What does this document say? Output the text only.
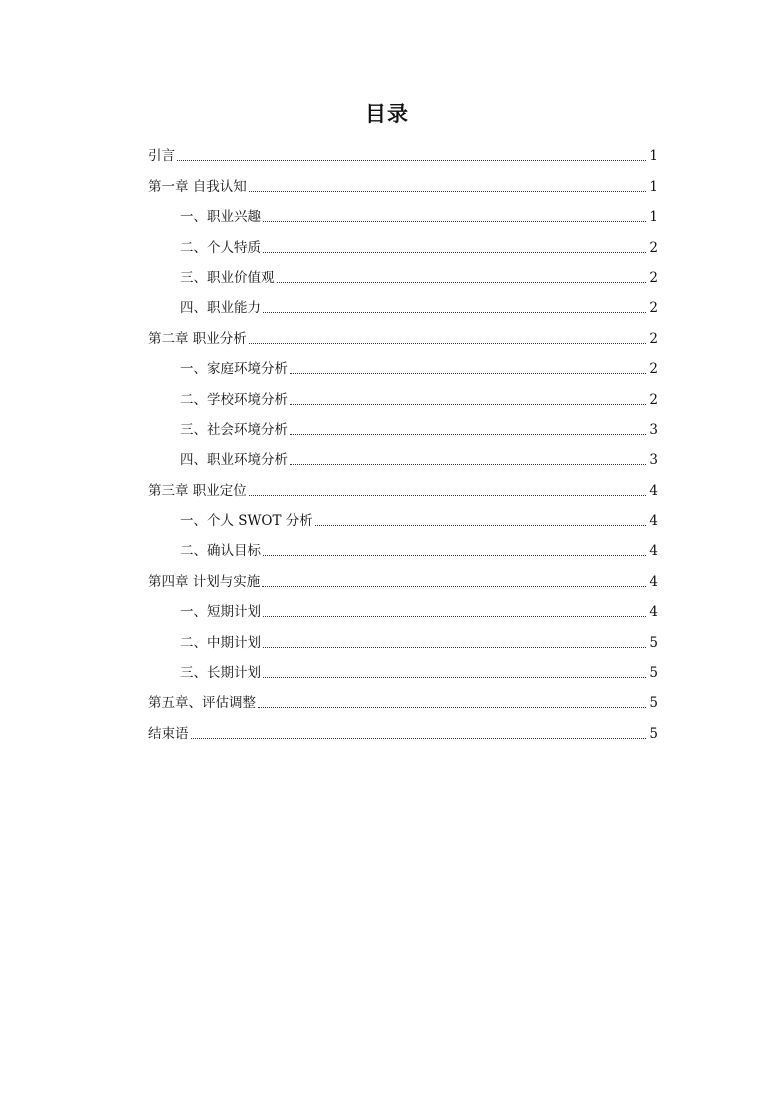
目录
引言	1
第一章 自我认知	1
一、职业兴趣	1
二、个人特质	2
三、职业价值观	2
四、职业能力	2
第二章 职业分析	2
一、家庭环境分析	2
二、学校环境分析	2
三、社会环境分析	3
四、职业环境分析	3
第三章 职业定位	4
一、个人 SWOT 分析	4
二、确认目标	4
第四章 计划与实施	4
一、短期计划	4
二、中期计划	5
三、长期计划	5
第五章、评估调整	5
结束语	5
